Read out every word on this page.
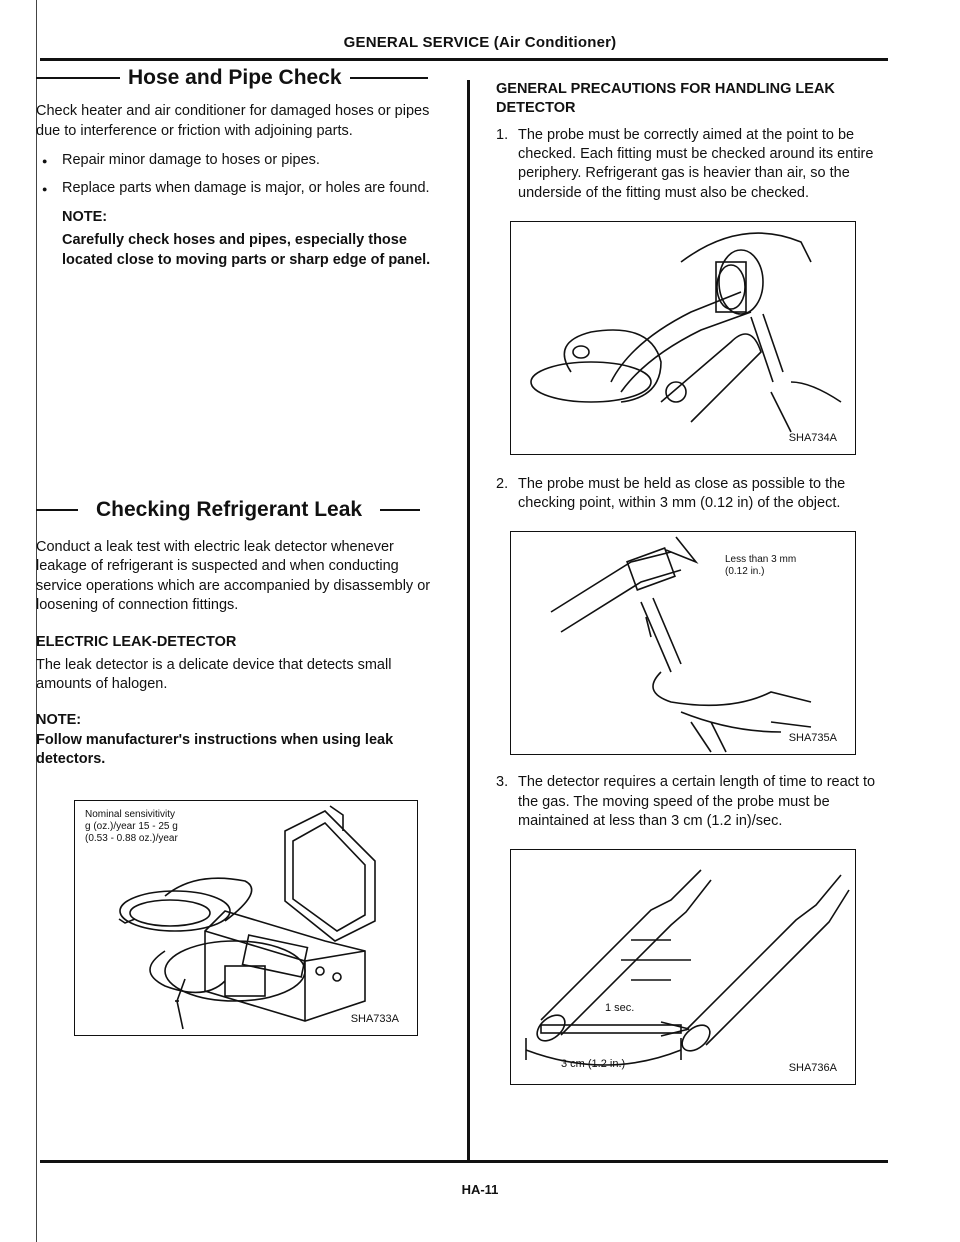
GENERAL SERVICE (Air Conditioner)
Hose and Pipe Check

Check heater and air conditioner for damaged hoses or pipes due to interference or friction with adjoining parts.

● Repair minor damage to hoses or pipes.
● Replace parts when damage is major, or holes are found.
NOTE:
Carefully check hoses and pipes, especially those located close to moving parts or sharp edge of panel.
Checking Refrigerant Leak

Conduct a leak test with electric leak detector whenever leakage of refrigerant is suspected and when conducting service operations which are accompanied by disassembly or loosening of connection fittings.

ELECTRIC LEAK-DETECTOR

The leak detector is a delicate device that detects small amounts of halogen.

NOTE:
Follow manufacturer's instructions when using leak detectors.
Nominal sensivitivity
g (oz.)/year 15 - 25 g
(0.53 - 0.88 oz.)/year
SHA733A
GENERAL PRECAUTIONS FOR HANDLING LEAK DETECTOR
1. The probe must be correctly aimed at the point to be checked. Each fitting must be checked around its entire periphery. Refrigerant gas is heavier than air, so the underside of the fitting must also be checked.
SHA734A
2. The probe must be held as close as possible to the checking point, within 3 mm (0.12 in) of the object.
Less than 3 mm
(0.12 in.)
SHA735A
3. The detector requires a certain length of time to react to the gas. The moving speed of the probe must be maintained at less than 3 cm (1.2 in)/sec.
1 sec.
3 cm (1.2 in.)	SHA736A
HA-11
